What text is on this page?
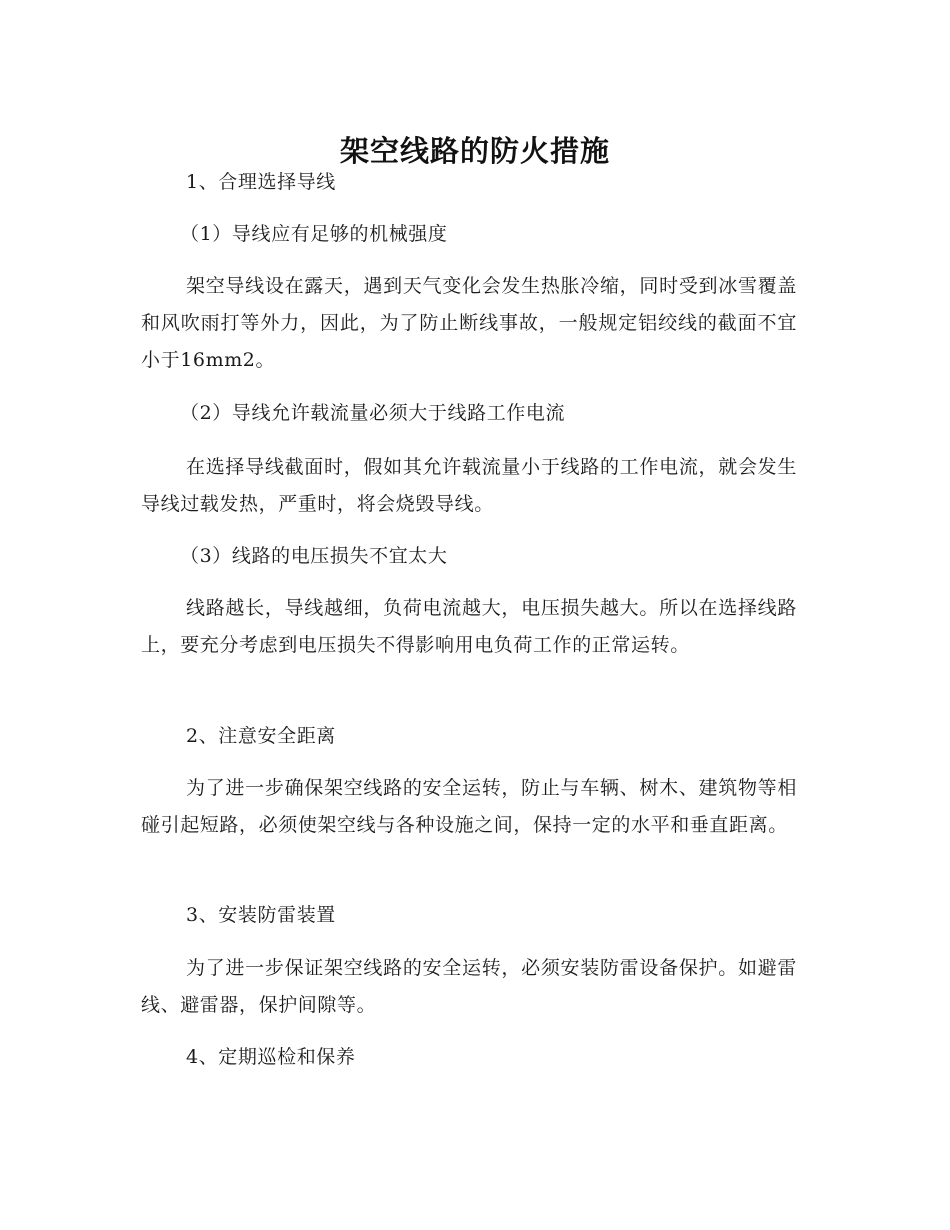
架空线路的防火措施

1、合理选择导线

（1）导线应有足够的机械强度

架空导线设在露天，遇到天气变化会发生热胀冷缩，同时受到冰雪覆盖和风吹雨打等外力，因此，为了防止断线事故，一般规定铝绞线的截面不宜小于16mm2。

（2）导线允许载流量必须大于线路工作电流

在选择导线截面时，假如其允许载流量小于线路的工作电流，就会发生导线过载发热，严重时，将会烧毁导线。

（3）线路的电压损失不宜太大

线路越长，导线越细，负荷电流越大，电压损失越大。所以在选择线路上，要充分考虑到电压损失不得影响用电负荷工作的正常运转。

2、注意安全距离

为了进一步确保架空线路的安全运转，防止与车辆、树木、建筑物等相碰引起短路，必须使架空线与各种设施之间，保持一定的水平和垂直距离。

3、安装防雷装置

为了进一步保证架空线路的安全运转，必须安装防雷设备保护。如避雷线、避雷器，保护间隙等。

4、定期巡检和保养
